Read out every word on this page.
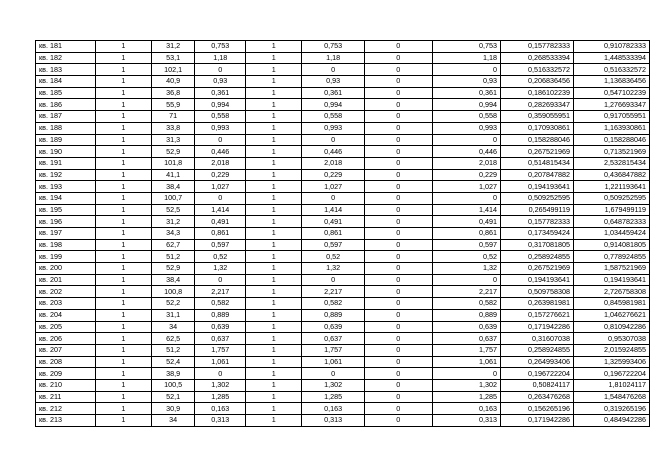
кв. 181	1	31,2	0,753	1	0,753	0	0,753	0,157782333	0,910782333
кв. 182	1	53,1	1,18	1	1,18	0	1,18	0,268533394	1,448533394
кв. 183	1	102,1	0	1	0	0	0	0,516332572	0,516332572
кв. 184	1	40,9	0,93	1	0,93	0	0,93	0,206836456	1,136836456
кв. 185	1	36,8	0,361	1	0,361	0	0,361	0,186102239	0,547102239
кв. 186	1	55,9	0,994	1	0,994	0	0,994	0,282693347	1,276693347
кв. 187	1	71	0,558	1	0,558	0	0,558	0,359055951	0,917055951
кв. 188	1	33,8	0,993	1	0,993	0	0,993	0,170930861	1,163930861
кв. 189	1	31,3	0	1	0	0	0	0,158288046	0,158288046
кв. 190	1	52,9	0,446	1	0,446	0	0,446	0,267521969	0,713521969
кв. 191	1	101,8	2,018	1	2,018	0	2,018	0,514815434	2,532815434
кв. 192	1	41,1	0,229	1	0,229	0	0,229	0,207847882	0,436847882
кв. 193	1	38,4	1,027	1	1,027	0	1,027	0,194193641	1,221193641
кв. 194	1	100,7	0	1	0	0	0	0,509252595	0,509252595
кв. 195	1	52,5	1,414	1	1,414	0	1,414	0,265499119	1,679499119
кв. 196	1	31,2	0,491	1	0,491	0	0,491	0,157782333	0,648782333
кв. 197	1	34,3	0,861	1	0,861	0	0,861	0,173459424	1,034459424
кв. 198	1	62,7	0,597	1	0,597	0	0,597	0,317081805	0,914081805
кв. 199	1	51,2	0,52	1	0,52	0	0,52	0,258924855	0,778924855
кв. 200	1	52,9	1,32	1	1,32	0	1,32	0,267521969	1,587521969
кв. 201	1	38,4	0	1	0	0	0	0,194193641	0,194193641
кв. 202	1	100,8	2,217	1	2,217	0	2,217	0,509758308	2,726758308
кв. 203	1	52,2	0,582	1	0,582	0	0,582	0,263981981	0,845981981
кв. 204	1	31,1	0,889	1	0,889	0	0,889	0,157276621	1,046276621
кв. 205	1	34	0,639	1	0,639	0	0,639	0,171942286	0,810942286
кв. 206	1	62,5	0,637	1	0,637	0	0,637	0,31607038	0,95307038
кв. 207	1	51,2	1,757	1	1,757	0	1,757	0,258924855	2,015924855
кв. 208	1	52,4	1,061	1	1,061	0	1,061	0,264993406	1,325993406
кв. 209	1	38,9	0	1	0	0	0	0,196722204	0,196722204
кв. 210	1	100,5	1,302	1	1,302	0	1,302	0,50824117	1,81024117
кв. 211	1	52,1	1,285	1	1,285	0	1,285	0,263476268	1,548476268
кв. 212	1	30,9	0,163	1	0,163	0	0,163	0,156265196	0,319265196
кв. 213	1	34	0,313	1	0,313	0	0,313	0,171942286	0,484942286
